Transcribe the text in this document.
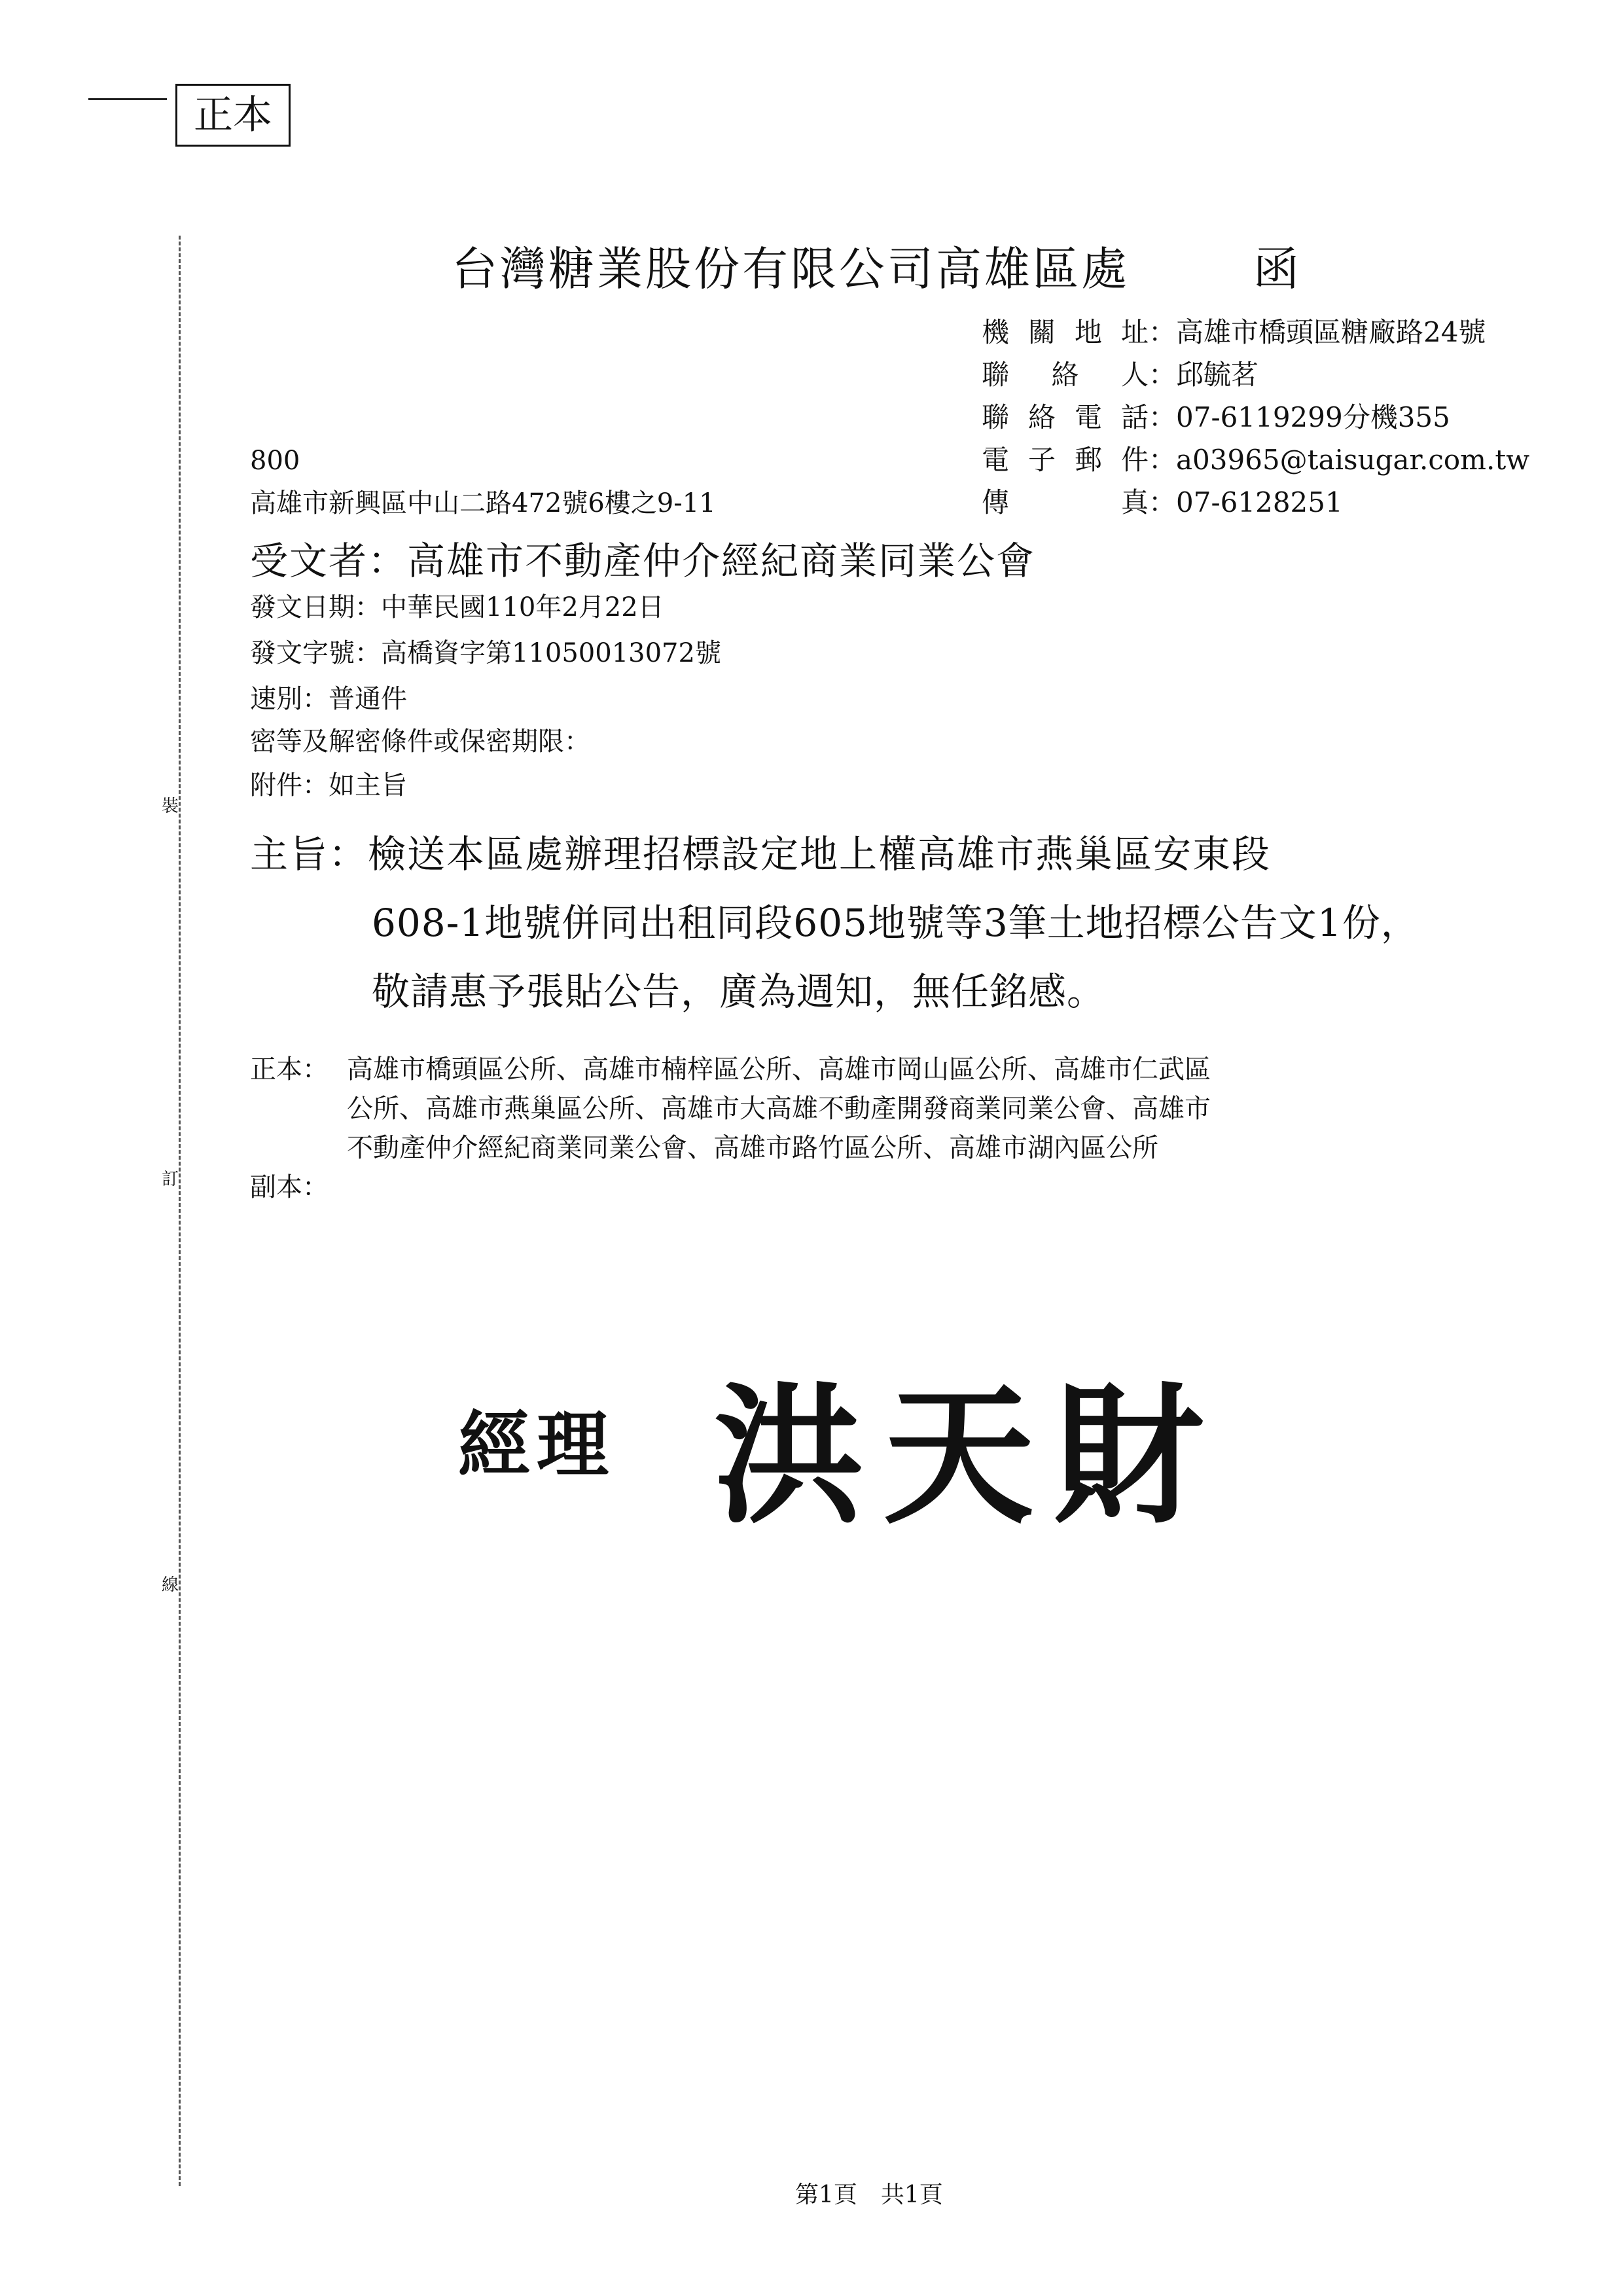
正本
裝
訂
線
台灣糖業股份有限公司高雄區處	函
機關地址：高雄市橋頭區糖廠路24號
聯 絡 人：邱毓茗
聯絡電話：07-6119299分機355
電子郵件：a03965@taisugar.com.tw
傳 真：07-6128251
800
高雄市新興區中山二路472號6樓之9-11
受文者：高雄市不動產仲介經紀商業同業公會
發文日期：中華民國110年2月22日
發文字號：高橋資字第11050013072號
速別：普通件
密等及解密條件或保密期限：
附件：如主旨
主旨：檢送本區處辦理招標設定地上權高雄市燕巢區安東段
608-1地號併同出租同段605地號等3筆土地招標公告文1份，
敬請惠予張貼公告，廣為週知，無任銘感。
正本： 高雄市橋頭區公所、高雄市楠梓區公所、高雄市岡山區公所、高雄市仁武區
公所、高雄市燕巢區公所、高雄市大高雄不動產開發商業同業公會、高雄市
不動產仲介經紀商業同業公會、高雄市路竹區公所、高雄市湖內區公所
副本：
經理 洪天財
第1頁　共1頁
